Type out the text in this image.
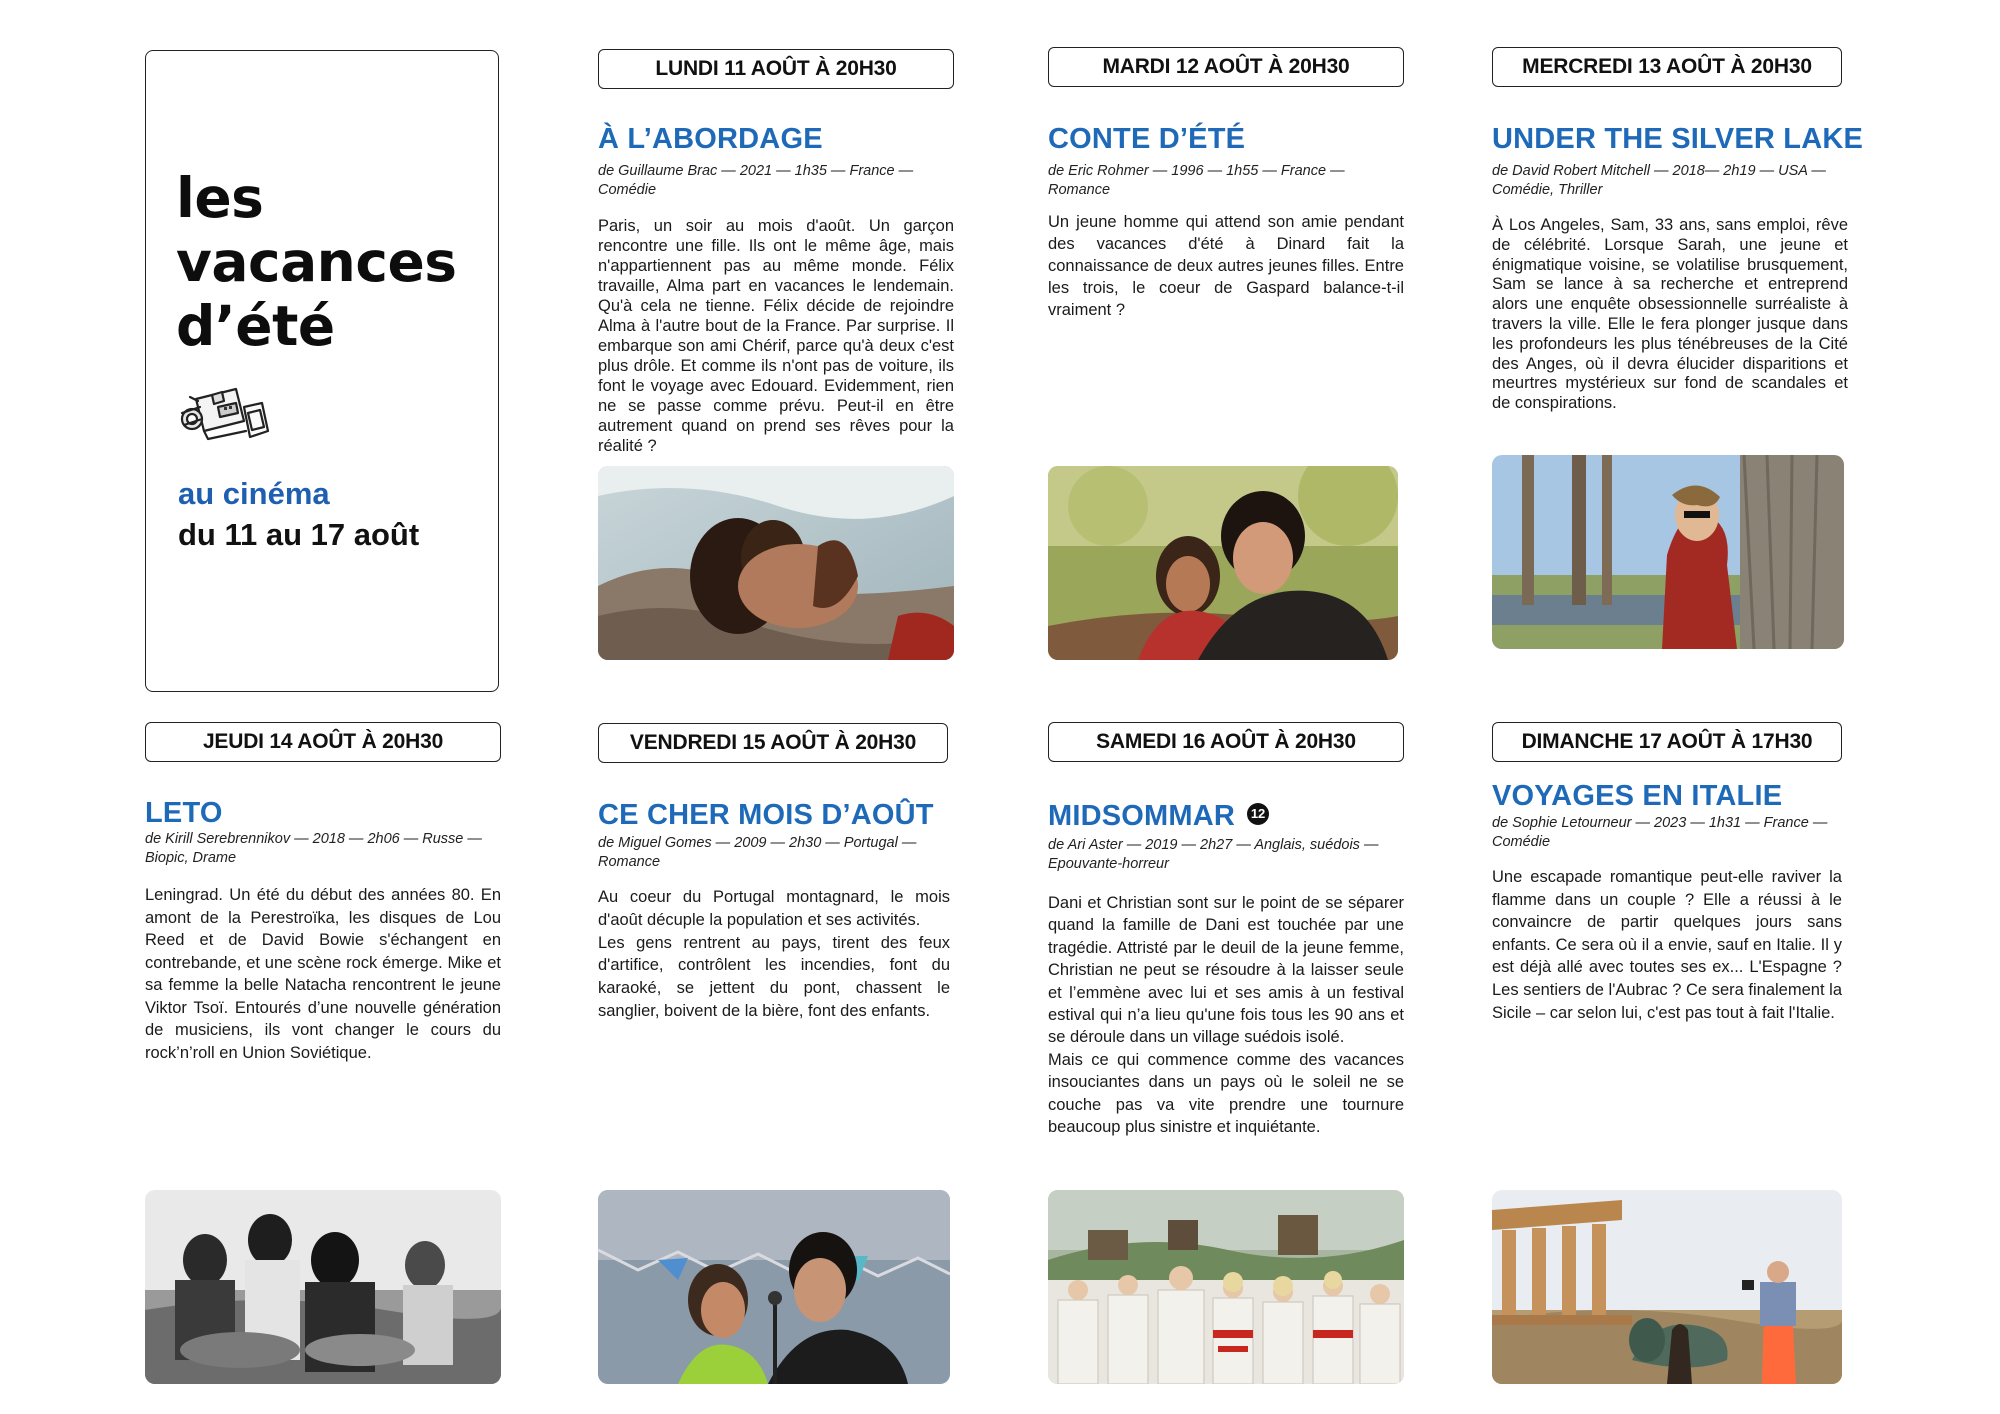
les
vacances
d’été
au cinéma
du 11 au 17 août
LUNDI 11 AOÛT À 20H30
À L’ABORDAGE
de Guillaume Brac — 2021 — 1h35 — France — Comédie

Paris, un soir au mois d'août. Un garçon rencontre une fille. Ils ont le même âge, mais n'appartiennent pas au même monde. Félix travaille, Alma part en vacances le lendemain. Qu'à cela ne tienne. Félix décide de rejoindre Alma à l'autre bout de la France. Par surprise. Il embarque son ami Chérif, parce qu'à deux c'est plus drôle. Et comme ils n'ont pas de voiture, ils font le voyage avec Edouard. Evidemment, rien ne se passe comme prévu. Peut-il en être autrement quand on prend ses rêves pour la réalité ?

MARDI 12 AOÛT À 20H30
CONTE D’ÉTÉ
de Eric Rohmer — 1996 — 1h55 — France — Romance

Un jeune homme qui attend son amie pendant des vacances d'été à Dinard fait la connaissance de deux autres jeunes filles. Entre les trois, le coeur de Gaspard balance-t-il vraiment ?

MERCREDI 13 AOÛT À 20H30
UNDER THE SILVER LAKE
de David Robert Mitchell — 2018— 2h19 — USA — Comédie, Thriller

À Los Angeles, Sam, 33 ans, sans emploi, rêve de célébrité. Lorsque Sarah, une jeune et énigmatique voisine, se volatilise brusquement, Sam se lance à sa recherche et entreprend alors une enquête obsessionnelle surréaliste à travers la ville. Elle le fera plonger jusque dans les profondeurs les plus ténébreuses de la Cité des Anges, où il devra élucider disparitions et meurtres mystérieux sur fond de scandales et de conspirations.

JEUDI 14 AOÛT À 20H30
LETO
de Kirill Serebrennikov — 2018 — 2h06 — Russe — Biopic, Drame

Leningrad. Un été du début des années 80. En amont de la Perestroïka, les disques de Lou Reed et de David Bowie s'échangent en contrebande, et une scène rock émerge. Mike et sa femme la belle Natacha rencontrent le jeune Viktor Tsoï. Entourés d’une nouvelle génération de musiciens, ils vont changer le cours du rock’n’roll en Union Soviétique.

VENDREDI 15 AOÛT À 20H30
CE CHER MOIS D’AOÛT
de Miguel Gomes — 2009 — 2h30 — Portugal — Romance

Au coeur du Portugal montagnard, le mois d'août décuple la population et ses activités.

Les gens rentrent au pays, tirent des feux d'artifice, contrôlent les incendies, font du karaoké, se jettent du pont, chassent le sanglier, boivent de la bière, font des enfants.

SAMEDI 16 AOÛT À 20H30
MIDSOMMAR 12
de Ari Aster — 2019 — 2h27 — Anglais, suédois — Epouvante-horreur

Dani et Christian sont sur le point de se séparer quand la famille de Dani est touchée par une tragédie. Attristé par le deuil de la jeune femme, Christian ne peut se résoudre à la laisser seule et l’emmène avec lui et ses amis à un festival estival qui n’a lieu qu'une fois tous les 90 ans et se déroule dans un village suédois isolé.

Mais ce qui commence comme des vacances insouciantes dans un pays où le soleil ne se couche pas va vite prendre une tournure beaucoup plus sinistre et inquiétante.

DIMANCHE 17 AOÛT À 17H30
VOYAGES EN ITALIE
de Sophie Letourneur — 2023 — 1h31 — France — Comédie

Une escapade romantique peut-elle raviver la flamme dans un couple ? Elle a réussi à le convaincre de partir quelques jours sans enfants. Ce sera où il a envie, sauf en Italie. Il y est déjà allé avec toutes ses ex... L'Espagne ? Les sentiers de l'Aubrac ? Ce sera finalement la Sicile – car selon lui, c'est pas tout à fait l'Italie.
